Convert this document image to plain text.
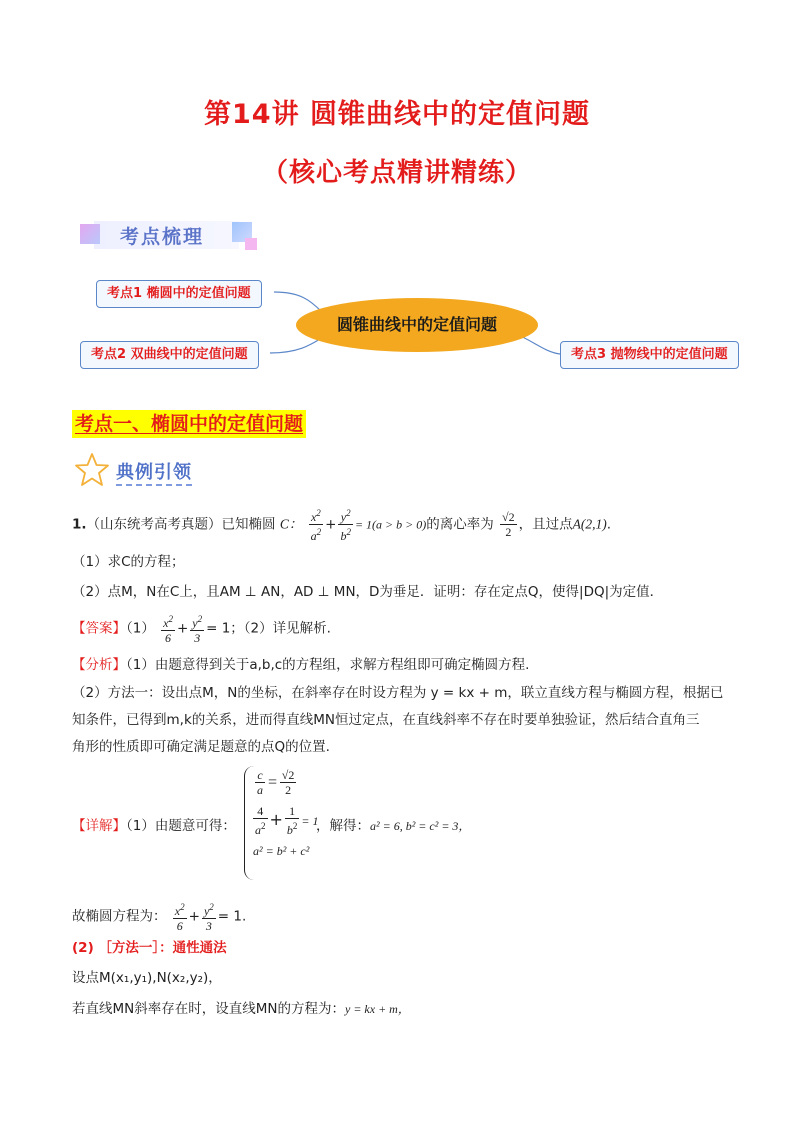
第14讲 圆锥曲线中的定值问题
（核心考点精讲精练）
考点梳理
考点1 椭圆中的定值问题
考点2 双曲线中的定值问题	考点3 抛物线中的定值问题
圆锥曲线中的定值问题
考点一、椭圆中的定值问题
典例引领
1.（山东统考高考真题）已知椭圆 C： $\frac{x^2}{a^2} + \frac{y^2}{b^2} = 1(a > b > 0)$的离心率为 $\frac{√2}{2}$ ，且过点A(2,1).
（1）求C的方程；
（2）点M，N在C上，且AM ⊥ AN，AD ⊥ MN，D为垂足．证明：存在定点Q，使得|DQ|为定值．
【答案】$(1) \frac{x^2}{6} + \frac{y^2}{3} = 1$；（2）详见解析.
【分析】（1）由题意得到关于a,b,c的方程组，求解方程组即可确定椭圆方程.
（2）方法一：设出点M，N的坐标，在斜率存在时设方程为 y = kx + m，联立直线方程与椭圆方程，根据已
知条件，已得到m,k的关系，进而得直线MN恒过定点，在直线斜率不存在时要单独验证，然后结合直角三
角形的性质即可确定满足题意的点Q的位置.
【详解】（1）由题意可得：
$\frac{c}{a} = \frac{√2}{2}$
$\frac{4}{a^2} + \frac{1}{b^2} = 1$
a² = b² + c²
，解得：a² = 6, b² = c² = 3，
故椭圆方程为： $\frac{x^2}{6} + \frac{y^2}{3} = 1$.
(2) ［方法一］：通性通法
设点M(x₁,y₁),N(x₂,y₂)，
若直线MN斜率存在时，设直线MN的方程为：y = kx + m，
